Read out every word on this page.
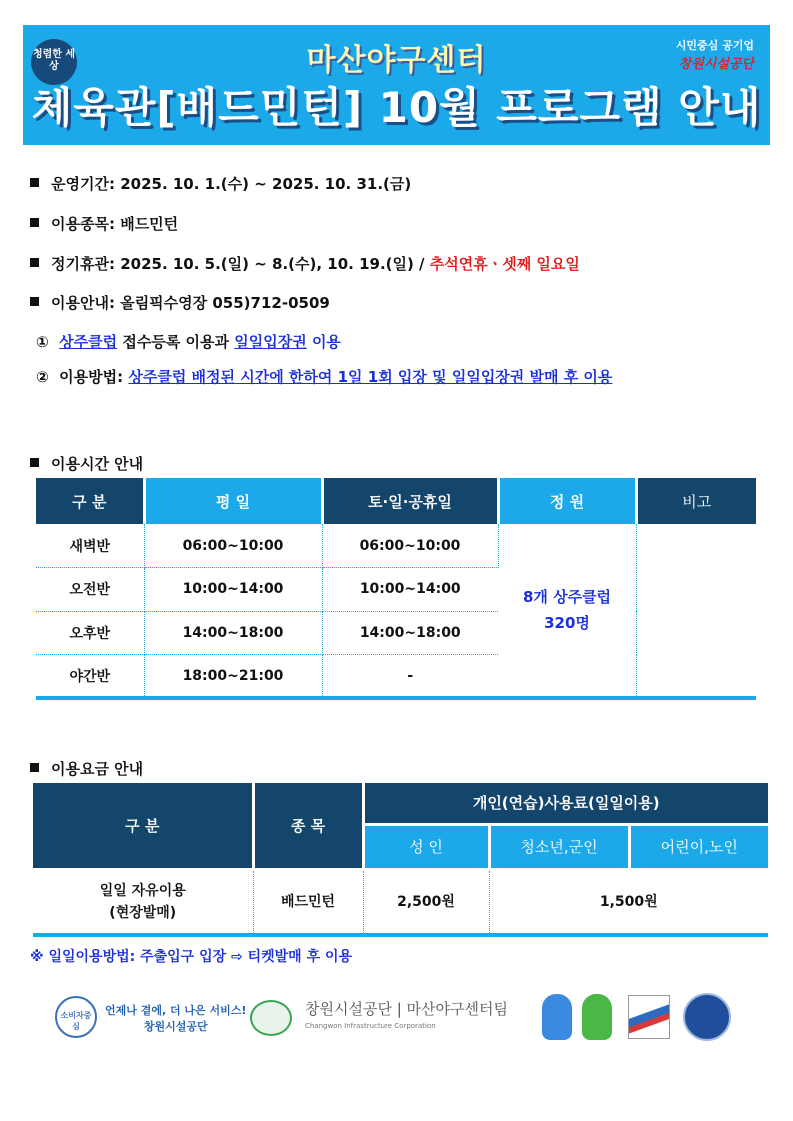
청렴한 세상	마산야구센터
체육관[배드민턴] 10월 프로그램 안내
시민중심 공기업
창원시설공단
운영기간: 2025. 10. 1.(수) ~ 2025. 10. 31.(금)
이용종목: 배드민턴
정기휴관: 2025. 10. 5.(일) ~ 8.(수), 10. 19.(일) / 추석연휴ㆍ셋째 일요일
이용안내: 올림픽수영장 055)712-0509
① 상주클럽 접수등록 이용과 일일입장권 이용
② 이용방법: 상주클럽 배정된 시간에 한하여 1일 1회 입장 및 일일입장권 발매 후 이용
이용시간 안내
구 분	평 일	토·일·공휴일	정 원	비고
새벽반	06:00~10:00	06:00~10:00	8개 상주클럽
320명	

오전반	10:00~14:00	10:00~14:00		
오후반	14:00~18:00	14:00~18:00		
야간반	18:00~21:00	-		
이용요금 안내
구 분	종 목	개인(연습)사용료(일일이용)		
		성 인	청소년,군인	어린이,노인

일일 자유이용
(현장발매)	배드민턴	2,500원	1,500원	
※ 일일이용방법: 주출입구 입장 ⇨ 티켓발매 후 이용
소비자중심
언제나 곁에, 더 나은 서비스!
창원시설공단
창원시설공단 | 마산야구센터팀
Changwon Infrastructure Corporation
